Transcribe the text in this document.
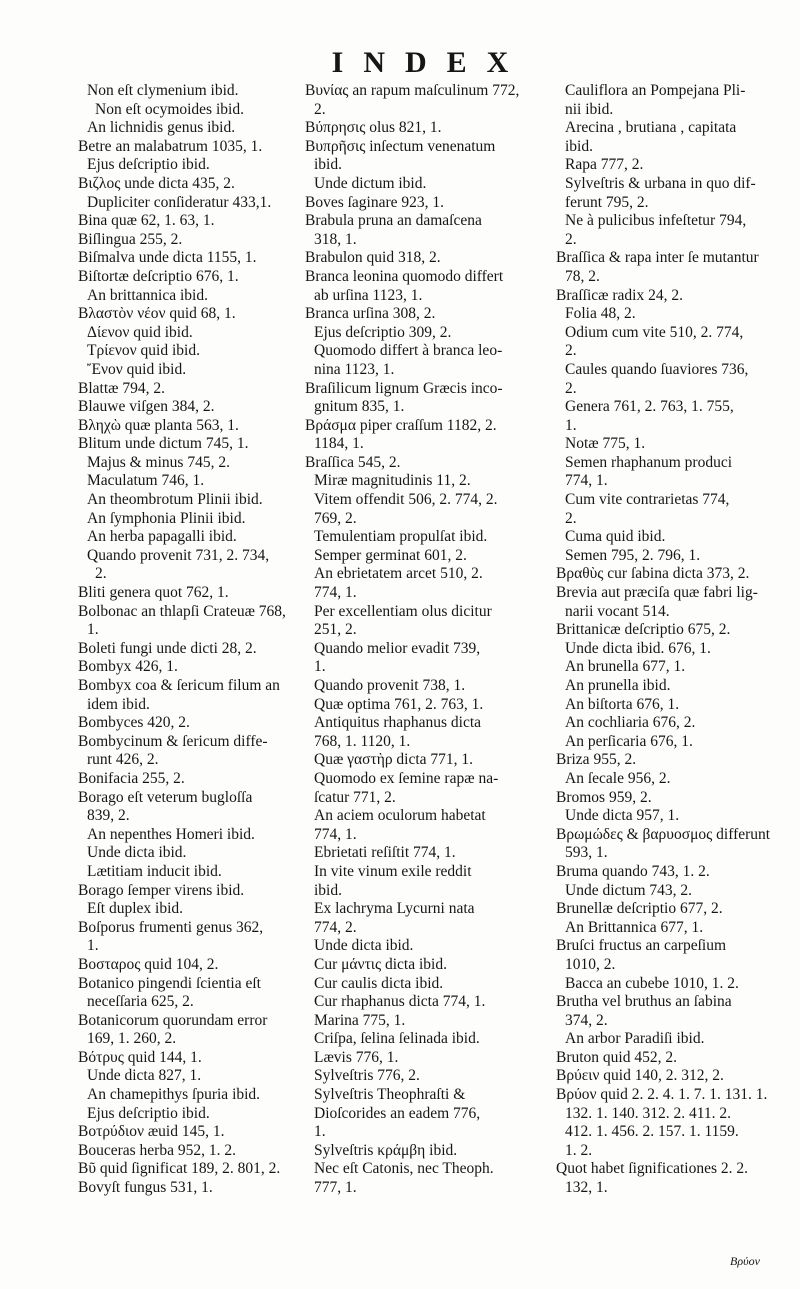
INDEX
Non eſt clymenium ibid.
Non eſt ocymoides ibid.
An lichnidis genus ibid.
Betre an malabatrum 1035, 1.
Ejus deſcriptio ibid.
Βιζλος unde dicta 435, 2.
Dupliciter conſideratur 433,1.
Bina quæ 62, 1. 63, 1.
Biſlingua 255, 2.
Biſmalva unde dicta 1155, 1.
Biſtortæ deſcriptio 676, 1.
An brittannica ibid.
Βλαστὸν νέον quid 68, 1.
Δίενον quid ibid.
Τρίενον quid ibid.
Ἔνον quid ibid.
Blattæ 794, 2.
Blauwe viſgen 384, 2.
Βληχὼ quæ planta 563, 1.
Blitum unde dictum 745, 1.
Majus & minus 745, 2.
Maculatum 746, 1.
An theombrotum Plinii ibid.
An ſymphonia Plinii ibid.
An herba papagalli ibid.
Quando provenit 731, 2. 734,
2.
Bliti genera quot 762, 1.
Bolbonac an thlapſi Crateuæ 768,
1.
Boleti fungi unde dicti 28, 2.
Bombyx 426, 1.
Bombyx coa & ſericum filum an
idem ibid.
Bombyces 420, 2.
Bombycinum & ſericum diffe-
runt 426, 2.
Bonifacia 255, 2.
Borago eſt veterum bugloſſa
839, 2.
An nepenthes Homeri ibid.
Unde dicta ibid.
Lætitiam inducit ibid.
Borago ſemper virens ibid.
Eſt duplex ibid.
Boſporus frumenti genus 362,
1.
Βοσταρος quid 104, 2.
Botanico pingendi ſcientia eſt
neceſſaria 625, 2.
Botanicorum quorundam error
169, 1. 260, 2.
Βότρυς quid 144, 1.
Unde dicta 827, 1.
An chamepithys ſpuria ibid.
Ejus deſcriptio ibid.
Βοτρύδιον æuid 145, 1.
Bouceras herba 952, 1. 2.
Βῦ quid ſignificat 189, 2. 801, 2.
Bovyſt fungus 531, 1.
Βυνίας an rapum maſculinum 772,
2.
Βύπρησις olus 821, 1.
Βυπρῆσις inſectum venenatum
ibid.
Unde dictum ibid.
Boves ſaginare 923, 1.
Brabula pruna an damaſcena
318, 1.
Brabulon quid 318, 2.
Branca leonina quomodo differt
ab urſina 1123, 1.
Branca urſina 308, 2.
Ejus deſcriptio 309, 2.
Quomodo differt à branca leo-
nina 1123, 1.
Braſilicum lignum Græcis inco-
gnitum 835, 1.
Βράσμα piper craſſum 1182, 2.
1184, 1.
Braſſica 545, 2.
Miræ magnitudinis 11, 2.
Vitem offendit 506, 2. 774, 2.
769, 2.
Temulentiam propulſat ibid.
Semper germinat 601, 2.
An ebrietatem arcet 510, 2.
774, 1.
Per excellentiam olus dicitur
251, 2.
Quando melior evadit 739,
1.
Quando provenit 738, 1.
Quæ optima 761, 2. 763, 1.
Antiquitus rhaphanus dicta
768, 1. 1120, 1.
Quæ γαστὴρ dicta 771, 1.
Quomodo ex ſemine rapæ na-
ſcatur 771, 2.
An aciem oculorum habetat
774, 1.
Ebrietati reſiſtit 774, 1.
In vite vinum exile reddit
ibid.
Ex lachryma Lycurni nata
774, 2.
Unde dicta ibid.
Cur μάντις dicta ibid.
Cur caulis dicta ibid.
Cur rhaphanus dicta 774, 1.
Marina 775, 1.
Criſpa, ſelina ſelinada ibid.
Lævis 776, 1.
Sylveſtris 776, 2.
Sylveſtris Theophraſti &
Dioſcorides an eadem 776,
1.
Sylveſtris κράμβη ibid.
Nec eſt Catonis, nec Theoph.
777, 1.
Cauliflora an Pompejana Pli-
nii ibid.
Arecina , brutiana , capitata
ibid.
Rapa 777, 2.
Sylveſtris & urbana in quo dif-
ferunt 795, 2.
Ne à pulicibus infeſtetur 794,
2.
Braſſica & rapa inter ſe mutantur
78, 2.
Braſſicæ radix 24, 2.
Folia 48, 2.
Odium cum vite 510, 2. 774,
2.
Caules quando ſuaviores 736,
2.
Genera 761, 2. 763, 1. 755,
1.
Notæ 775, 1.
Semen rhaphanum produci
774, 1.
Cum vite contrarietas 774,
2.
Cuma quid ibid.
Semen 795, 2. 796, 1.
Βραθὺς cur ſabina dicta 373, 2.
Brevia aut præciſa quæ fabri lig-
narii vocant 514.
Brittanicæ deſcriptio 675, 2.
Unde dicta ibid. 676, 1.
An brunella 677, 1.
An prunella ibid.
An biſtorta 676, 1.
An cochliaria 676, 2.
An perſicaria 676, 1.
Briza 955, 2.
An ſecale 956, 2.
Bromos 959, 2.
Unde dicta 957, 1.
Βρωμώδες & βαρυοσμος differunt
593, 1.
Bruma quando 743, 1. 2.
Unde dictum 743, 2.
Brunellæ deſcriptio 677, 2.
An Brittannica 677, 1.
Bruſci fructus an carpeſium
1010, 2.
Bacca an cubebe 1010, 1. 2.
Brutha vel bruthus an ſabina
374, 2.
An arbor Paradiſi ibid.
Bruton quid 452, 2.
Βρύειν quid 140, 2. 312, 2.
Βρύον quid 2. 2. 4. 1. 7. 1. 131. 1.
132. 1. 140. 312. 2. 411. 2.
412. 1. 456. 2. 157. 1. 1159.
1. 2.
Quot habet ſignificationes 2. 2.
132, 1.
Βρύον
